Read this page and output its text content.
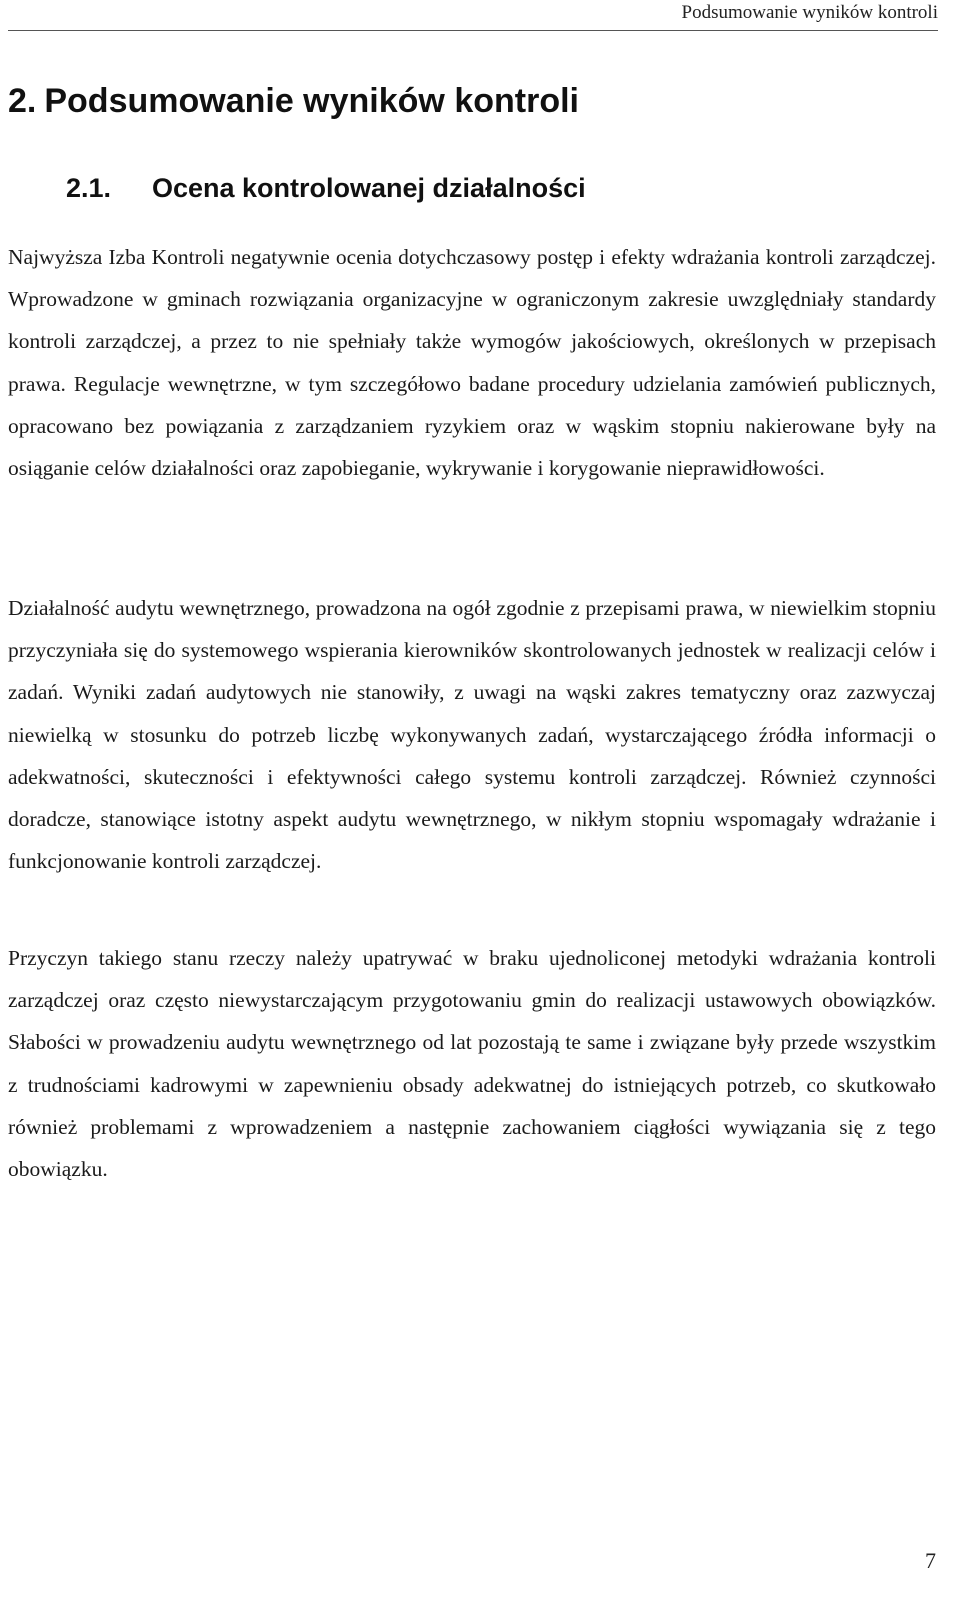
Podsumowanie wyników kontroli
2. Podsumowanie wyników kontroli
2.1. Ocena kontrolowanej działalności

Najwyższa Izba Kontroli negatywnie ocenia dotychczasowy postęp i efekty wdrażania kontroli zarządczej. Wprowadzone w gminach rozwiązania organizacyjne w ograniczonym zakresie uwzględniały standardy kontroli zarządczej, a przez to nie spełniały także wymogów jakościowych, określonych w przepisach prawa. Regulacje wewnętrzne, w tym szczegółowo badane procedury udzielania zamówień publicznych, opracowano bez powiązania z zarządzaniem ryzykiem oraz w wąskim stopniu nakierowane były na osiąganie celów działalności oraz zapobieganie, wykrywanie i korygowanie nieprawidłowości.

Działalność audytu wewnętrznego, prowadzona na ogół zgodnie z przepisami prawa, w niewielkim stopniu przyczyniała się do systemowego wspierania kierowników skontrolowanych jednostek w realizacji celów i zadań. Wyniki zadań audytowych nie stanowiły, z uwagi na wąski zakres tematyczny oraz zazwyczaj niewielką w stosunku do potrzeb liczbę wykonywanych zadań, wystarczającego źródła informacji o adekwatności, skuteczności i efektywności całego systemu kontroli zarządczej. Również czynności doradcze, stanowiące istotny aspekt audytu wewnętrznego, w nikłym stopniu wspomagały wdrażanie i funkcjonowanie kontroli zarządczej.

Przyczyn takiego stanu rzeczy należy upatrywać w braku ujednoliconej metodyki wdrażania kontroli zarządczej oraz często niewystarczającym przygotowaniu gmin do realizacji ustawowych obowiązków. Słabości w prowadzeniu audytu wewnętrznego od lat pozostają te same i związane były przede wszystkim z trudnościami kadrowymi w zapewnieniu obsady adekwatnej do istniejących potrzeb, co skutkowało również problemami z wprowadzeniem a następnie zachowaniem ciągłości wywiązania się z tego obowiązku.

7
